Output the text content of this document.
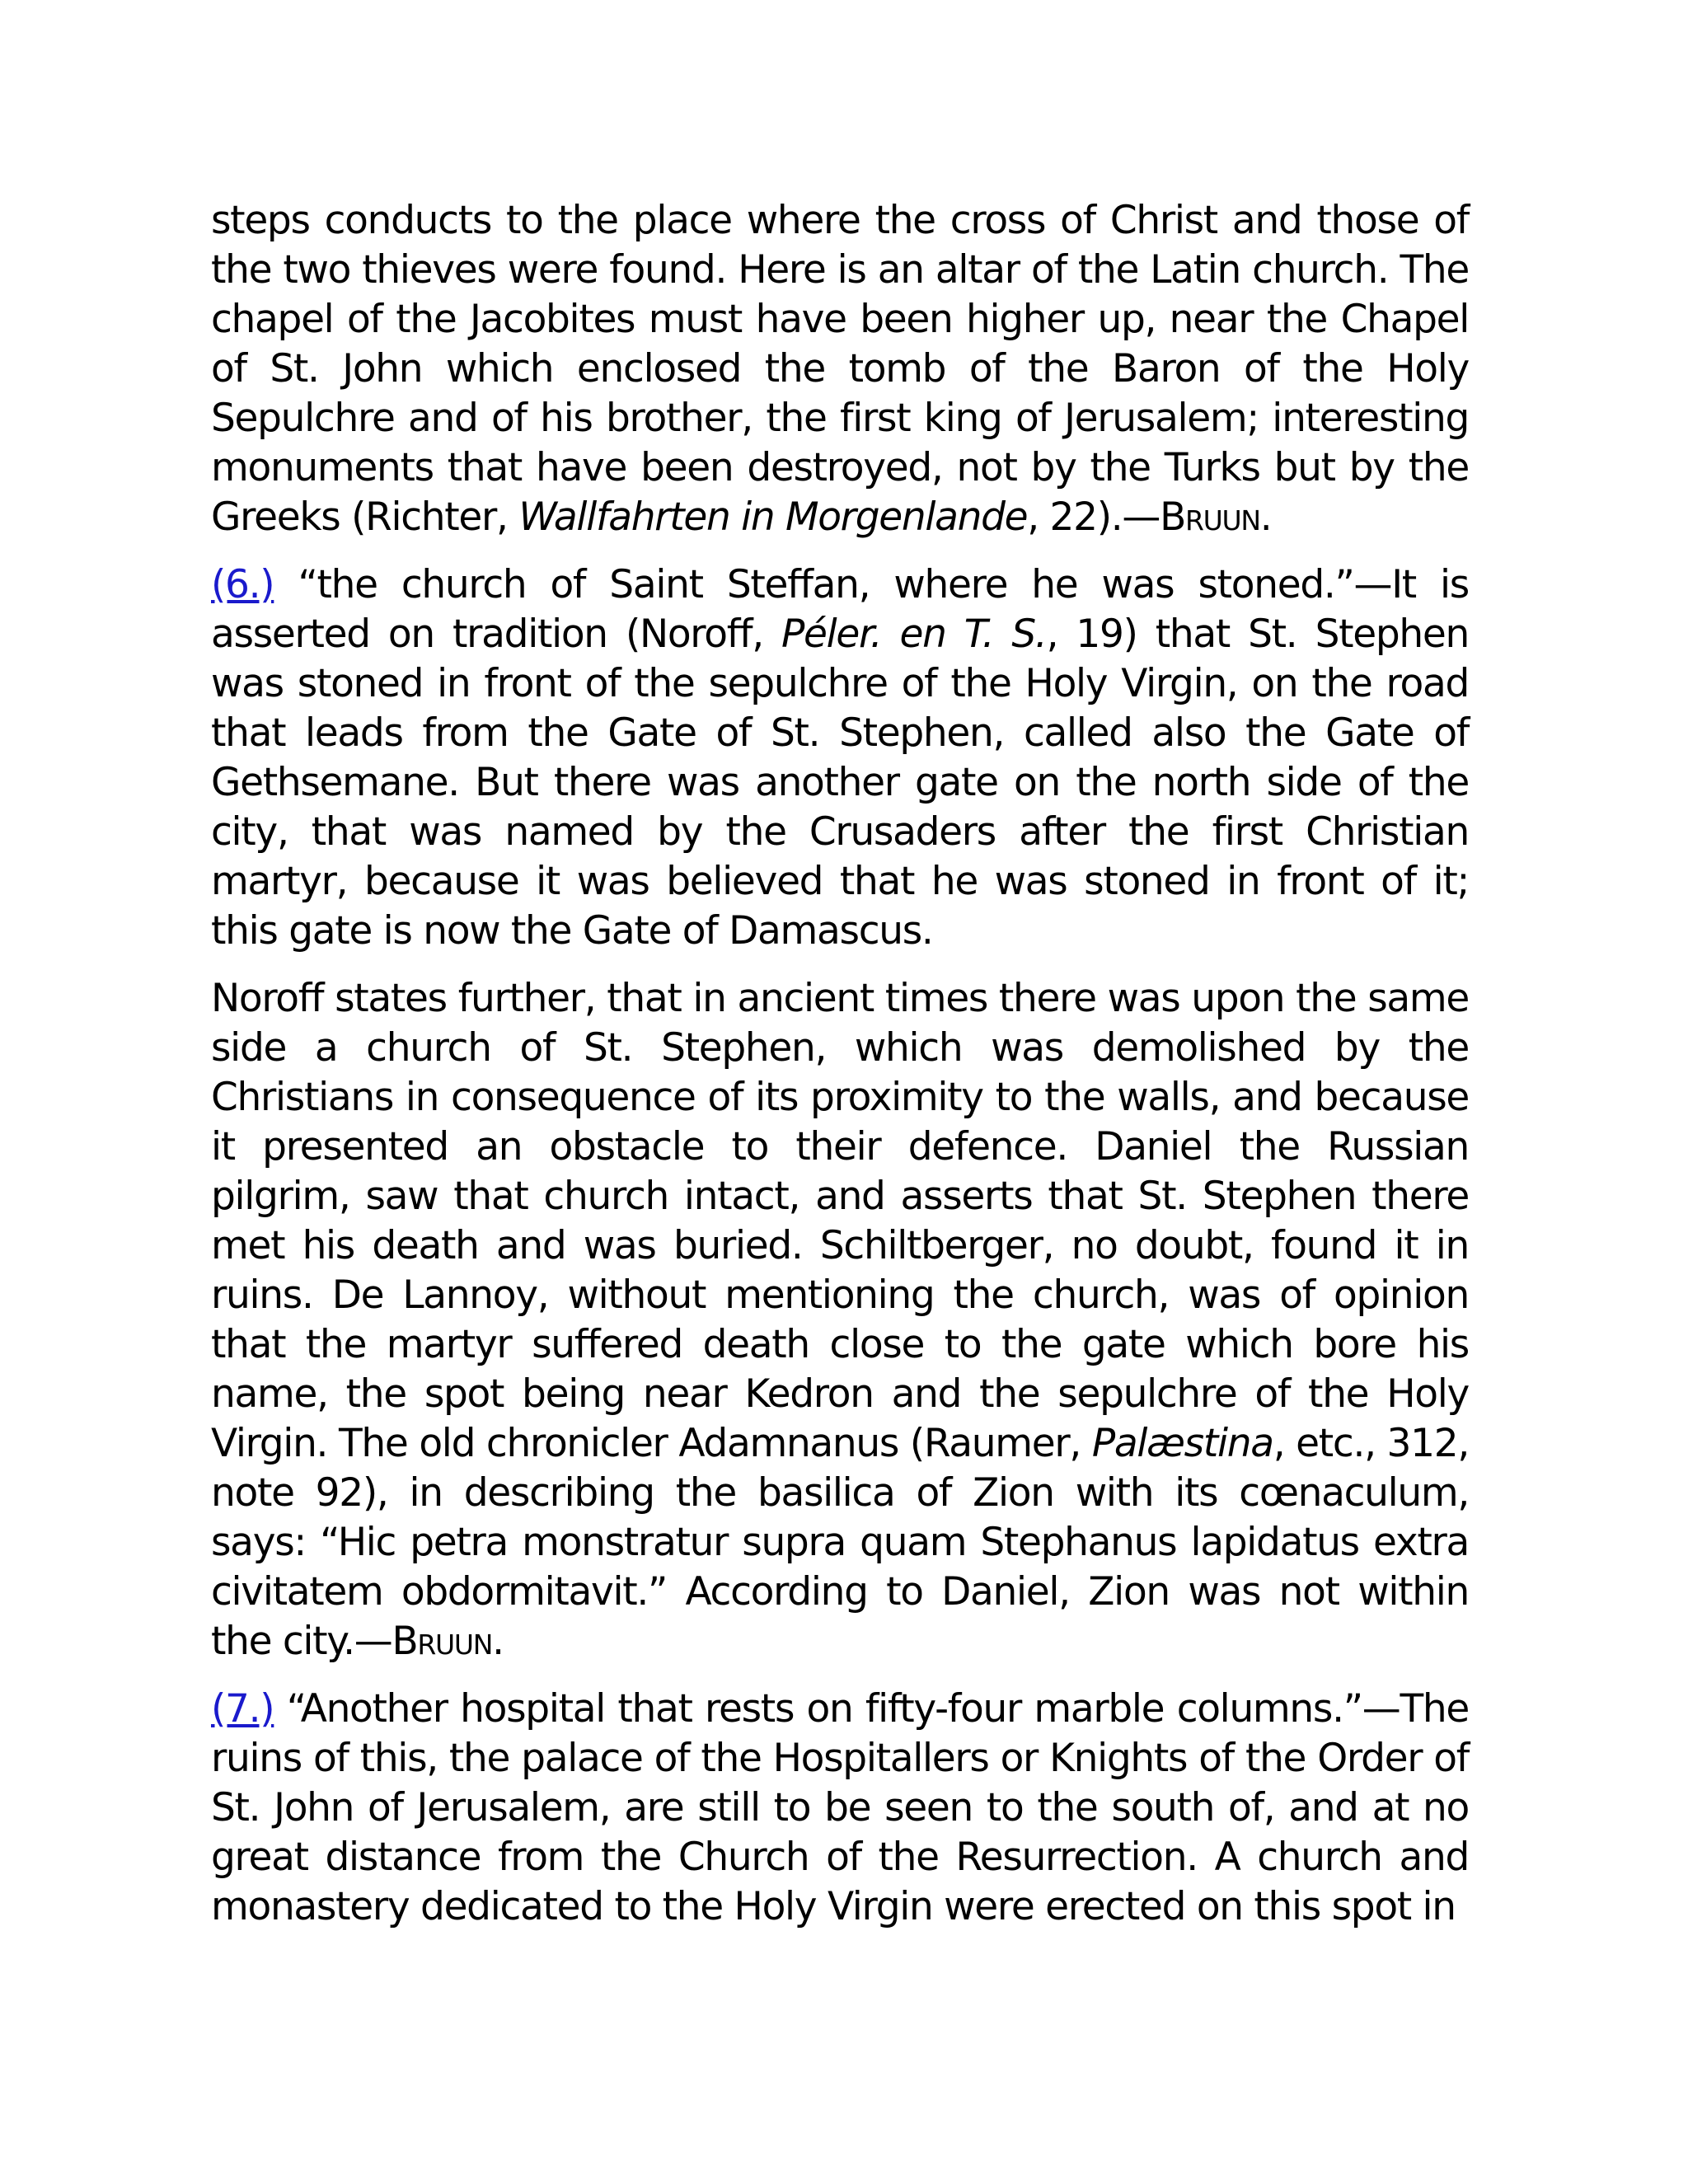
steps conducts to the place where the cross of Christ and those of the two thieves were found. Here is an altar of the Latin church. The chapel of the Jacobites must have been higher up, near the Chapel of St. John which enclosed the tomb of the Baron of the Holy Sepulchre and of his brother, the first king of Jerusalem; interesting monuments that have been destroyed, not by the Turks but by the Greeks (Richter, Wallfahrten in Morgenlande, 22).—Bruun.

(6.) “the church of Saint Steffan, where he was stoned.”—It is asserted on tradition (Noroff, Péler. en T. S., 19) that St. Stephen was stoned in front of the sepulchre of the Holy Virgin, on the road that leads from the Gate of St. Stephen, called also the Gate of Gethsemane. But there was another gate on the north side of the city, that was named by the Crusaders after the first Christian martyr, because it was believed that he was stoned in front of it; this gate is now the Gate of Damascus.

Noroff states further, that in ancient times there was upon the same side a church of St. Stephen, which was demolished by the Christians in consequence of its proximity to the walls, and because it presented an obstacle to their defence. Daniel the Russian pilgrim, saw that church intact, and asserts that St. Stephen there met his death and was buried. Schiltberger, no doubt, found it in ruins. De Lannoy, without mentioning the church, was of opinion that the martyr suffered death close to the gate which bore his name, the spot being near Kedron and the sepulchre of the Holy Virgin. The old chronicler Adamnanus (Raumer, Palæstina, etc., 312, note 92), in describing the basilica of Zion with its cœnaculum, says: “Hic petra monstratur supra quam Stephanus lapidatus extra civitatem obdormitavit.” According to Daniel, Zion was not within the city.—Bruun.

(7.) “Another hospital that rests on fifty-four marble columns.”—The ruins of this, the palace of the Hospitallers or Knights of the Order of St. John of Jerusalem, are still to be seen to the south of, and at no great distance from the Church of the Resurrection. A church and monastery dedicated to the Holy Virgin were erected on this spot in
